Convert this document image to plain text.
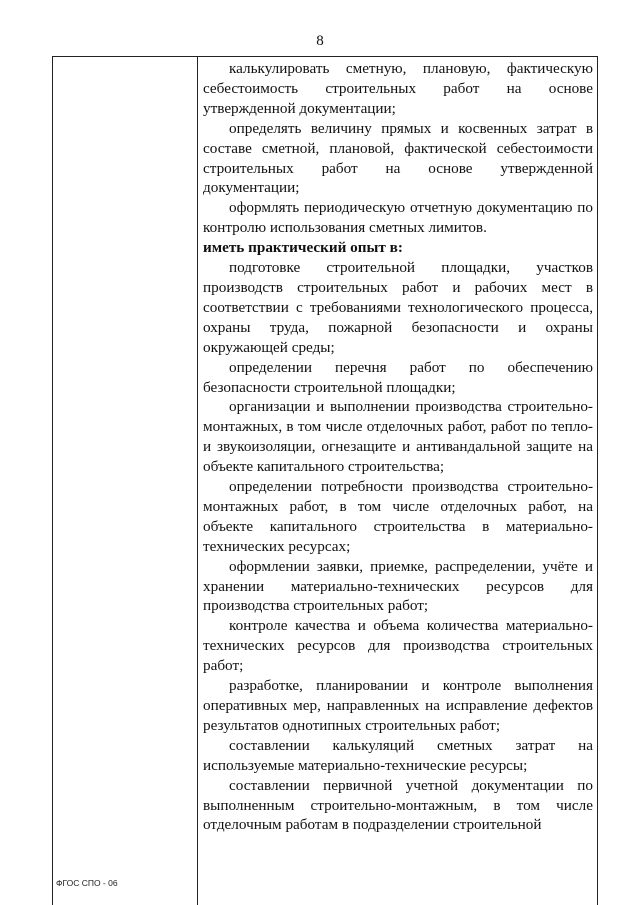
8

калькулировать сметную, плановую, фактическую себестоимость строительных работ на основе утвержденной документации;

определять величину прямых и косвенных затрат в составе сметной, плановой, фактической себестоимости строительных работ на основе утвержденной документации;

оформлять периодическую отчетную документацию по контролю использования сметных лимитов.

иметь практический опыт в:

подготовке строительной площадки, участков производств строительных работ и рабочих мест в соответствии с требованиями технологического процесса, охраны труда, пожарной безопасности и охраны окружающей среды;

определении перечня работ по обеспечению безопасности строительной площадки;

организации и выполнении производства строительно-монтажных, в том числе отделочных работ, работ по тепло- и звукоизоляции, огнезащите и антивандальной защите на объекте капитального строительства;

определении потребности производства строительно-монтажных работ, в том числе отделочных работ, на объекте капитального строительства в материально-технических ресурсах;

оформлении заявки, приемке, распределении, учёте и хранении материально-технических ресурсов для производства строительных работ;

контроле качества и объема количества материально-технических ресурсов для производства строительных работ;

разработке, планировании и контроле выполнения оперативных мер, направленных на исправление дефектов результатов однотипных строительных работ;

составлении калькуляций сметных затрат на используемые материально-технические ресурсы;

составлении первичной учетной документации по выполненным строительно-монтажным, в том числе отделочным работам в подразделении строительной

ФГОС СПО - 06
